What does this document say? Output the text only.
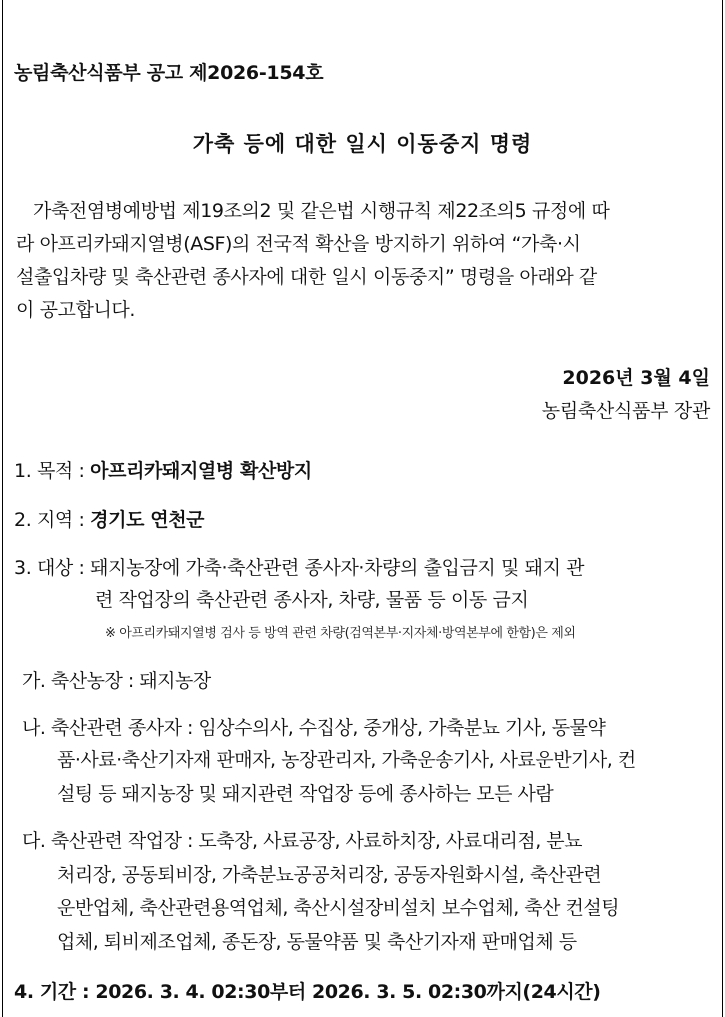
농림축산식품부 공고 제2026-154호
가축 등에 대한 일시 이동중지 명령
가축전염병예방법 제19조의2 및 같은법 시행규칙 제22조의5 규정에 따
라 아프리카돼지열병(ASF)의 전국적 확산을 방지하기 위하여 “가축·시
설출입차량 및 축산관련 종사자에 대한 일시 이동중지” 명령을 아래와 같
이 공고합니다.
2026년 3월 4일
농림축산식품부 장관
1. 목적 : 아프리카돼지열병 확산방지
2. 지역 : 경기도 연천군
3. 대상 : 돼지농장에 가축·축산관련 종사자·차량의 출입금지 및 돼지 관
련 작업장의 축산관련 종사자, 차량, 물품 등 이동 금지
※ 아프리카돼지열병 검사 등 방역 관련 차량(검역본부·지자체·방역본부에 한함)은 제외
가. 축산농장 : 돼지농장
나. 축산관련 종사자 : 임상수의사, 수집상, 중개상, 가축분뇨 기사, 동물약
품·사료·축산기자재 판매자, 농장관리자, 가축운송기사, 사료운반기사, 컨
설팅 등 돼지농장 및 돼지관련 작업장 등에 종사하는 모든 사람
다. 축산관련 작업장 : 도축장, 사료공장, 사료하치장, 사료대리점, 분뇨
처리장, 공동퇴비장, 가축분뇨공공처리장, 공동자원화시설, 축산관련
운반업체, 축산관련용역업체, 축산시설장비설치 보수업체, 축산 컨설팅
업체, 퇴비제조업체, 종돈장, 동물약품 및 축산기자재 판매업체 등
4. 기간 : 2026. 3. 4. 02:30부터 2026. 3. 5. 02:30까지(24시간)
